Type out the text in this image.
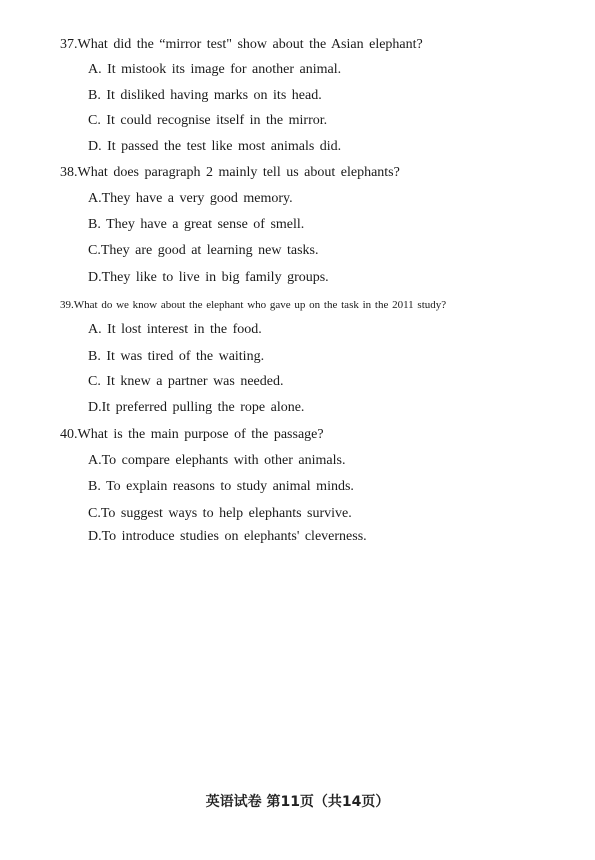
37.What did the “mirror test" show about the Asian elephant?
A. It mistook its image for another animal.
B. It disliked having marks on its head.
C. It could recognise itself in the mirror.
D. It passed the test like most animals did.
38.What does paragraph 2 mainly tell us about elephants?
A.They have a very good memory.
B. They have a great sense of smell.
C.They are good at learning new tasks.
D.They like to live in big family groups.
39.What do we know about the elephant who gave up on the task in the 2011 study?
A. It lost interest in the food.
B. It was tired of the waiting.
C. It knew a partner was needed.
D.It preferred pulling the rope alone.
40.What is the main purpose of the passage?
A.To compare elephants with other animals.
B. To explain reasons to study animal minds.
C.To suggest ways to help elephants survive.
D.To introduce studies on elephants' cleverness.
英语试卷 第11页（共14页）
